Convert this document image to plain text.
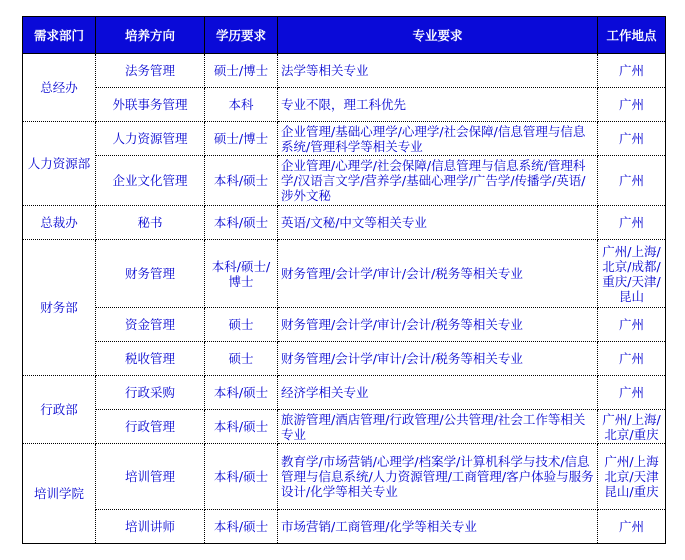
需求部门	培养方向	学历要求	专业要求	工作地点
总经办	法务管理	硕士/博士	法学等相关专业	广州
	外联事务管理	本科	专业不限，理工科优先	广州
人力资源部	人力资源管理	硕士/博士	企业管理/基础心理学/心理学/社会保障/信息管理与信息系统/管理科学等相关专业	广州
	企业文化管理	本科/硕士	企业管理/心理学/社会保障/信息管理与信息系统/管理科学/汉语言文学/营养学/基础心理学/广告学/传播学/英语/涉外文秘	广州
总裁办	秘书	本科/硕士	英语/文秘/中文等相关专业	广州
财务部	财务管理	本科/硕士/博士	财务管理/会计学/审计/会计/税务等相关专业	广州/上海/北京/成都/重庆/天津/昆山
	资金管理	硕士	财务管理/会计学/审计/会计/税务等相关专业	广州
	税收管理	硕士	财务管理/会计学/审计/会计/税务等相关专业	广州
行政部	行政采购	本科/硕士	经济学相关专业	广州
	行政管理	本科/硕士	旅游管理/酒店管理/行政管理/公共管理/社会工作等相关专业	广州/上海/北京/重庆
培训学院	培训管理	本科/硕士	教育学/市场营销/心理学/档案学/计算机科学与技术/信息管理与信息系统/人力资源管理/工商管理/客户体验与服务设计/化学等相关专业	广州/上海北京/天津昆山/重庆
	培训讲师	本科/硕士	市场营销/工商管理/化学等相关专业	广州
